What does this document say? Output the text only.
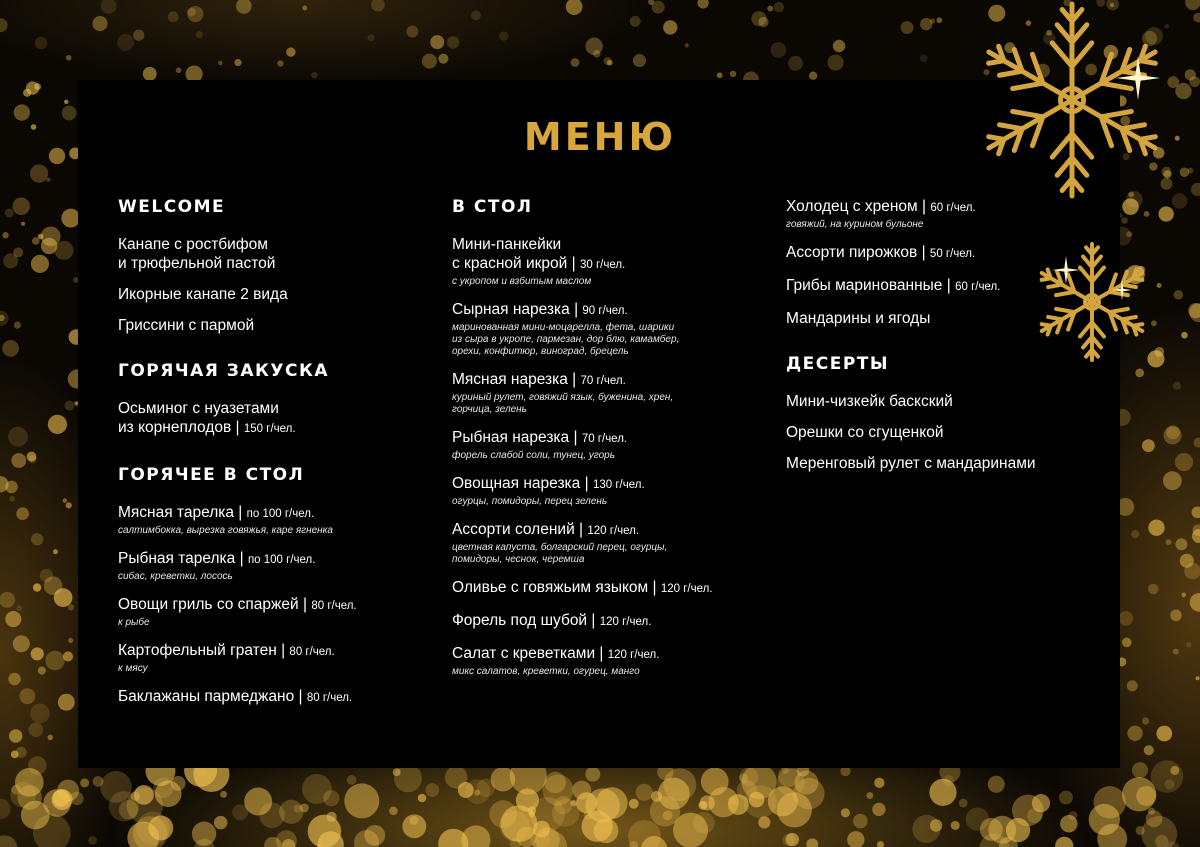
МЕНЮ
WELCOME
Канапе с ростбифом
и трюфельной пастой
Икорные канапе 2 вида
Гриссини с пармой
ГОРЯЧАЯ ЗАКУСКА
Осьминог с нуазетами
из корнеплодов | 150 г/чел.
ГОРЯЧЕЕ В СТОЛ
Мясная тарелка | по 100 г/чел.
салтимбокка, вырезка говяжья, каре ягненка
Рыбная тарелка | по 100 г/чел.
сибас, креветки, лосось
Овощи гриль со спаржей | 80 г/чел.
к рыбе
Картофельный гратен | 80 г/чел.
к мясу
Баклажаны пармеджано | 80 г/чел.
В СТОЛ
Мини-панкейки
с красной икрой | 30 г/чел.
с укропом и взбитым маслом
Сырная нарезка | 90 г/чел.
маринованная мини-моцарелла, фета, шарики
из сыра в укропе, пармезан, дор блю, камамбер,
орехи, конфитюр, виноград, брецель
Мясная нарезка | 70 г/чел.
куриный рулет, говяжий язык, буженина, хрен,
горчица, зелень
Рыбная нарезка | 70 г/чел.
форель слабой соли, тунец, угорь
Овощная нарезка | 130 г/чел.
огурцы, помидоры, перец зелень
Ассорти солений | 120 г/чел.
цветная капуста, болгарский перец, огурцы,
помидоры, чеснок, черемша
Оливье с говяжьим языком | 120 г/чел.
Форель под шубой | 120 г/чел.
Салат с креветками | 120 г/чел.
микс салатов, креветки, огурец, манго
Холодец с хреном | 60 г/чел.
говяжий, на курином бульоне
Ассорти пирожков | 50 г/чел.
Грибы маринованные | 60 г/чел.
Мандарины и ягоды
ДЕСЕРТЫ
Мини-чизкейк баскский
Орешки со сгущенкой
Меренговый рулет с мандаринами
